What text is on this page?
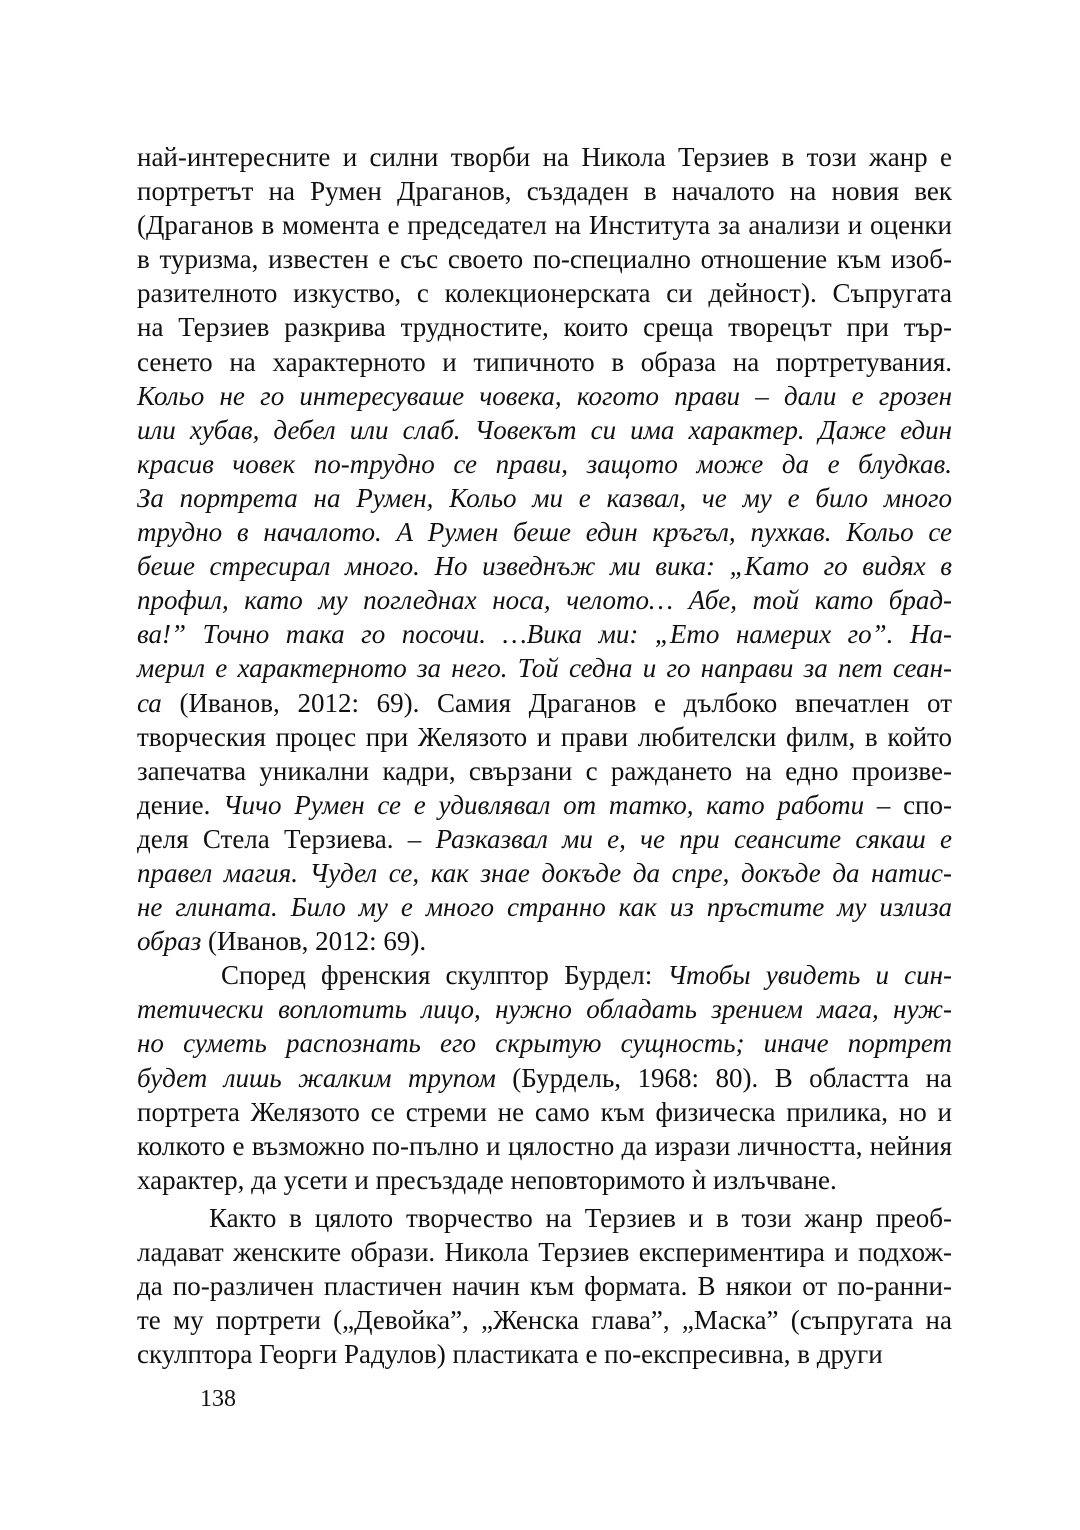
най-интересните и силни творби на Никола Терзиев в този жанр е
портретът на Румен Драганов, създаден в началото на новия век
(Драганов в момента е председател на Института за анализи и оценки
в туризма, известен е със своето по-специално отношение към изоб-
разителното изкуство, с колекционерската си дейност). Съпругата
на Терзиев разкрива трудностите, които среща творецът при тър-
сенето на характерното и типичното в образа на портретувания.
Кольо не го интересуваше човека, когото прави – дали е грозен
или хубав, дебел или слаб. Човекът си има характер. Даже един
красив човек по-трудно се прави, защото може да е блудкав.
За портрета на Румен, Кольо ми е казвал, че му е било много
трудно в началото. А Румен беше един кръгъл, пухкав. Кольо се
беше стресирал много. Но изведнъж ми вика: „Като го видях в
профил, като му погледнах носа, челото… Абе, той като брад-
ва!” Точно така го посочи. …Вика ми: „Ето намерих го”. На-
мерил е характерното за него. Той седна и го направи за пет сеан-
са (Иванов, 2012: 69). Самия Драганов е дълбоко впечатлен от
творческия процес при Желязото и прави любителски филм, в който
запечатва уникални кадри, свързани с раждането на едно произве-
дение. Чичо Румен се е удивлявал от татко, като работи – спо-
деля Стела Терзиева. – Разказвал ми е, че при сеансите сякаш е
правел магия. Чудел се, как знае докъде да спре, докъде да натис-
не глината. Било му е много странно как из пръстите му излиза
образ (Иванов, 2012: 69).
Според френския скулптор Бурдел: Чтобы увидеть и син-
тетически воплотить лицо, нужно обладать зрением мага, нуж-
но суметь распознать его скрытую сущность; иначе портрет
будет лишь жалким трупом (Бурдель, 1968: 80). В областта на
портрета Желязото се стреми не само към физическа прилика, но и
колкото е възможно по-пълно и цялостно да изрази личността, нейния
характер, да усети и пресъздаде неповторимото ѝ излъчване.
Както в цялото творчество на Терзиев и в този жанр преоб-
ладават женските образи. Никола Терзиев експериментира и подхож-
да по-различен пластичен начин към формата. В някои от по-ранни-
те му портрети („Девойка”, „Женска глава”, „Маска” (съпругата на
скулптора Георги Радулов) пластиката е по-експресивна, в други
138
